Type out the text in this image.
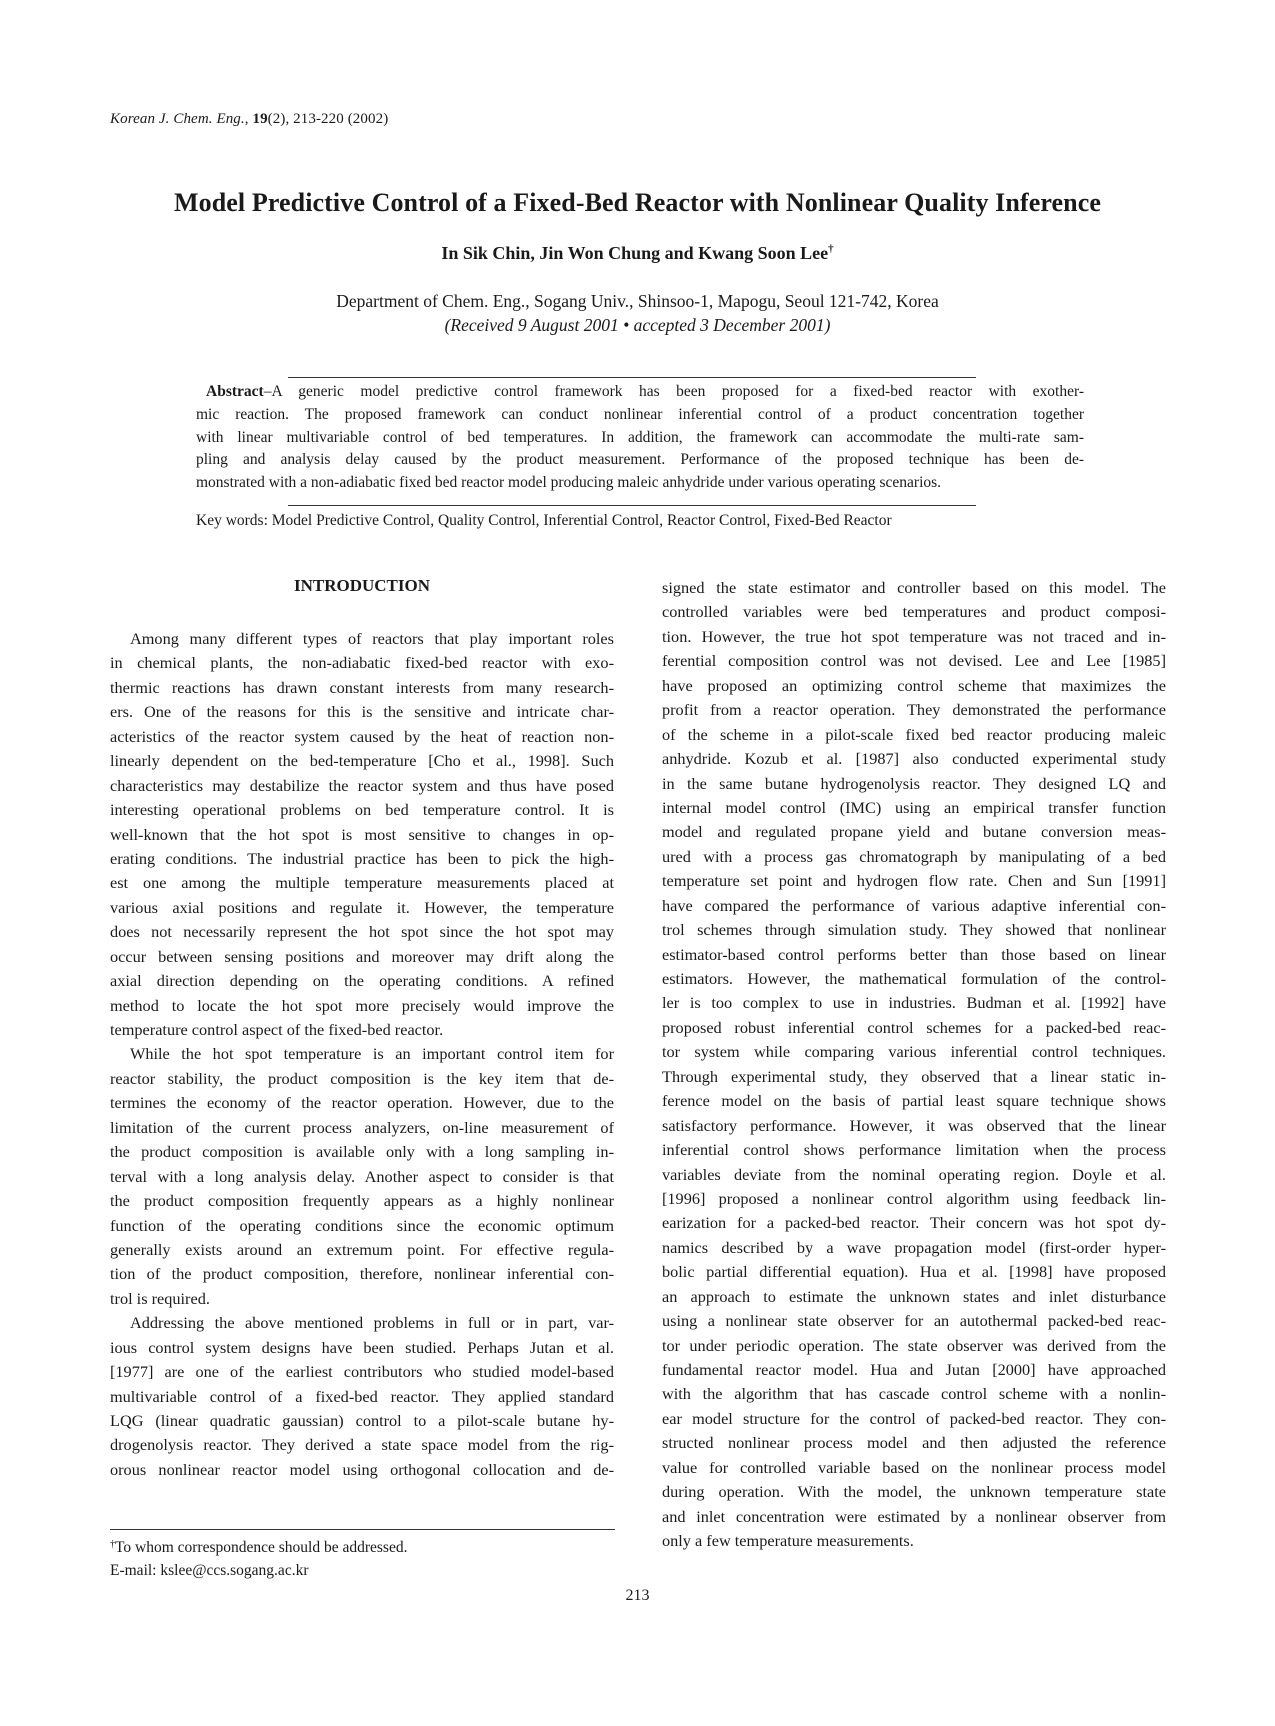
Korean J. Chem. Eng., 19(2), 213-220 (2002)
Model Predictive Control of a Fixed-Bed Reactor with Nonlinear Quality Inference
In Sik Chin, Jin Won Chung and Kwang Soon Lee†
Department of Chem. Eng., Sogang Univ., Shinsoo-1, Mapogu, Seoul 121-742, Korea
(Received 9 August 2001 • accepted 3 December 2001)
Abstract–A generic model predictive control framework has been proposed for a fixed-bed reactor with exother-
mic reaction. The proposed framework can conduct nonlinear inferential control of a product concentration together
with linear multivariable control of bed temperatures. In addition, the framework can accommodate the multi-rate sam-
pling and analysis delay caused by the product measurement. Performance of the proposed technique has been de-
monstrated with a non-adiabatic fixed bed reactor model producing maleic anhydride under various operating scenarios.
Key words: Model Predictive Control, Quality Control, Inferential Control, Reactor Control, Fixed-Bed Reactor
INTRODUCTION
Among many different types of reactors that play important roles
in chemical plants, the non-adiabatic fixed-bed reactor with exo-
thermic reactions has drawn constant interests from many research-
ers. One of the reasons for this is the sensitive and intricate char-
acteristics of the reactor system caused by the heat of reaction non-
linearly dependent on the bed-temperature [Cho et al., 1998]. Such
characteristics may destabilize the reactor system and thus have posed
interesting operational problems on bed temperature control. It is
well-known that the hot spot is most sensitive to changes in op-
erating conditions. The industrial practice has been to pick the high-
est one among the multiple temperature measurements placed at
various axial positions and regulate it. However, the temperature
does not necessarily represent the hot spot since the hot spot may
occur between sensing positions and moreover may drift along the
axial direction depending on the operating conditions. A refined
method to locate the hot spot more precisely would improve the
temperature control aspect of the fixed-bed reactor.
While the hot spot temperature is an important control item for
reactor stability, the product composition is the key item that de-
termines the economy of the reactor operation. However, due to the
limitation of the current process analyzers, on-line measurement of
the product composition is available only with a long sampling in-
terval with a long analysis delay. Another aspect to consider is that
the product composition frequently appears as a highly nonlinear
function of the operating conditions since the economic optimum
generally exists around an extremum point. For effective regula-
tion of the product composition, therefore, nonlinear inferential con-
trol is required.
Addressing the above mentioned problems in full or in part, var-
ious control system designs have been studied. Perhaps Jutan et al.
[1977] are one of the earliest contributors who studied model-based
multivariable control of a fixed-bed reactor. They applied standard
LQG (linear quadratic gaussian) control to a pilot-scale butane hy-
drogenolysis reactor. They derived a state space model from the rig-
orous nonlinear reactor model using orthogonal collocation and de-
signed the state estimator and controller based on this model. The
controlled variables were bed temperatures and product composi-
tion. However, the true hot spot temperature was not traced and in-
ferential composition control was not devised. Lee and Lee [1985]
have proposed an optimizing control scheme that maximizes the
profit from a reactor operation. They demonstrated the performance
of the scheme in a pilot-scale fixed bed reactor producing maleic
anhydride. Kozub et al. [1987] also conducted experimental study
in the same butane hydrogenolysis reactor. They designed LQ and
internal model control (IMC) using an empirical transfer function
model and regulated propane yield and butane conversion meas-
ured with a process gas chromatograph by manipulating of a bed
temperature set point and hydrogen flow rate. Chen and Sun [1991]
have compared the performance of various adaptive inferential con-
trol schemes through simulation study. They showed that nonlinear
estimator-based control performs better than those based on linear
estimators. However, the mathematical formulation of the control-
ler is too complex to use in industries. Budman et al. [1992] have
proposed robust inferential control schemes for a packed-bed reac-
tor system while comparing various inferential control techniques.
Through experimental study, they observed that a linear static in-
ference model on the basis of partial least square technique shows
satisfactory performance. However, it was observed that the linear
inferential control shows performance limitation when the process
variables deviate from the nominal operating region. Doyle et al.
[1996] proposed a nonlinear control algorithm using feedback lin-
earization for a packed-bed reactor. Their concern was hot spot dy-
namics described by a wave propagation model (first-order hyper-
bolic partial differential equation). Hua et al. [1998] have proposed
an approach to estimate the unknown states and inlet disturbance
using a nonlinear state observer for an autothermal packed-bed reac-
tor under periodic operation. The state observer was derived from the
fundamental reactor model. Hua and Jutan [2000] have approached
with the algorithm that has cascade control scheme with a nonlin-
ear model structure for the control of packed-bed reactor. They con-
structed nonlinear process model and then adjusted the reference
value for controlled variable based on the nonlinear process model
during operation. With the model, the unknown temperature state
and inlet concentration were estimated by a nonlinear observer from
only a few temperature measurements.
†To whom correspondence should be addressed.
E-mail: kslee@ccs.sogang.ac.kr
213
